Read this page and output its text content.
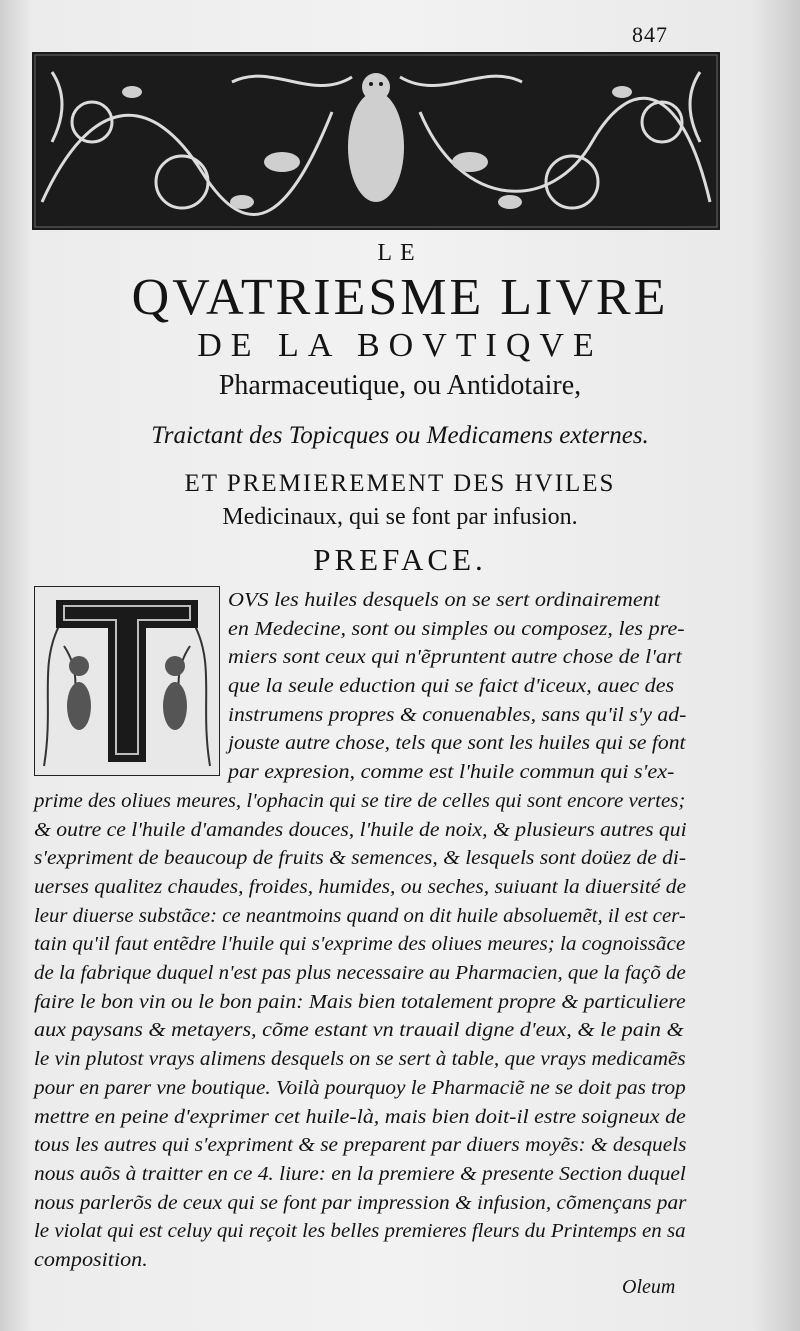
847
LE
QVATRIESME LIVRE
DE LA BOVTIQVE
Pharmaceutique, ou Antidotaire,
Traictant des Topicques ou Medicamens externes.
ET PREMIEREMENT DES HVILES
Medicinaux, qui se font par infusion.
PREFACE.
OVS les huiles desquels on se sert ordinairement
en Medecine, sont ou simples ou composez, les pre-
miers sont ceux qui n'ẽpruntent autre chose de l'art
que la seule eduction qui se faict d'iceux, auec des
instrumens propres & conuenables, sans qu'il s'y ad-
jouste autre chose, tels que sont les huiles qui se font
par expresion, comme est l'huile commun qui s'ex-
prime des oliues meures, l'ophacin qui se tire de celles qui sont encore vertes;
& outre ce l'huile d'amandes douces, l'huile de noix, & plusieurs autres qui
s'expriment de beaucoup de fruits & semences, & lesquels sont doüez de di-
uerses qualitez chaudes, froides, humides, ou seches, suiuant la diuersité de
leur diuerse substãce: ce neantmoins quand on dit huile absoluemẽt, il est cer-
tain qu'il faut entẽdre l'huile qui s'exprime des oliues meures; la cognoissãce
de la fabrique duquel n'est pas plus necessaire au Pharmacien, que la façõ de
faire le bon vin ou le bon pain: Mais bien totalement propre & particuliere
aux paysans & metayers, cõme estant vn trauail digne d'eux, & le pain &
le vin plutost vrays alimens desquels on se sert à table, que vrays medicamẽs
pour en parer vne boutique. Voilà pourquoy le Pharmaciẽ ne se doit pas trop
mettre en peine d'exprimer cet huile-là, mais bien doit-il estre soigneux de
tous les autres qui s'expriment & se preparent par diuers moyẽs: & desquels
nous auõs à traitter en ce 4. liure: en la premiere & presente Section duquel
nous parlerõs de ceux qui se font par impression & infusion, cõmençans par
le violat qui est celuy qui reçoit les belles premieres fleurs du Printemps en sa
composition.
Oleum
